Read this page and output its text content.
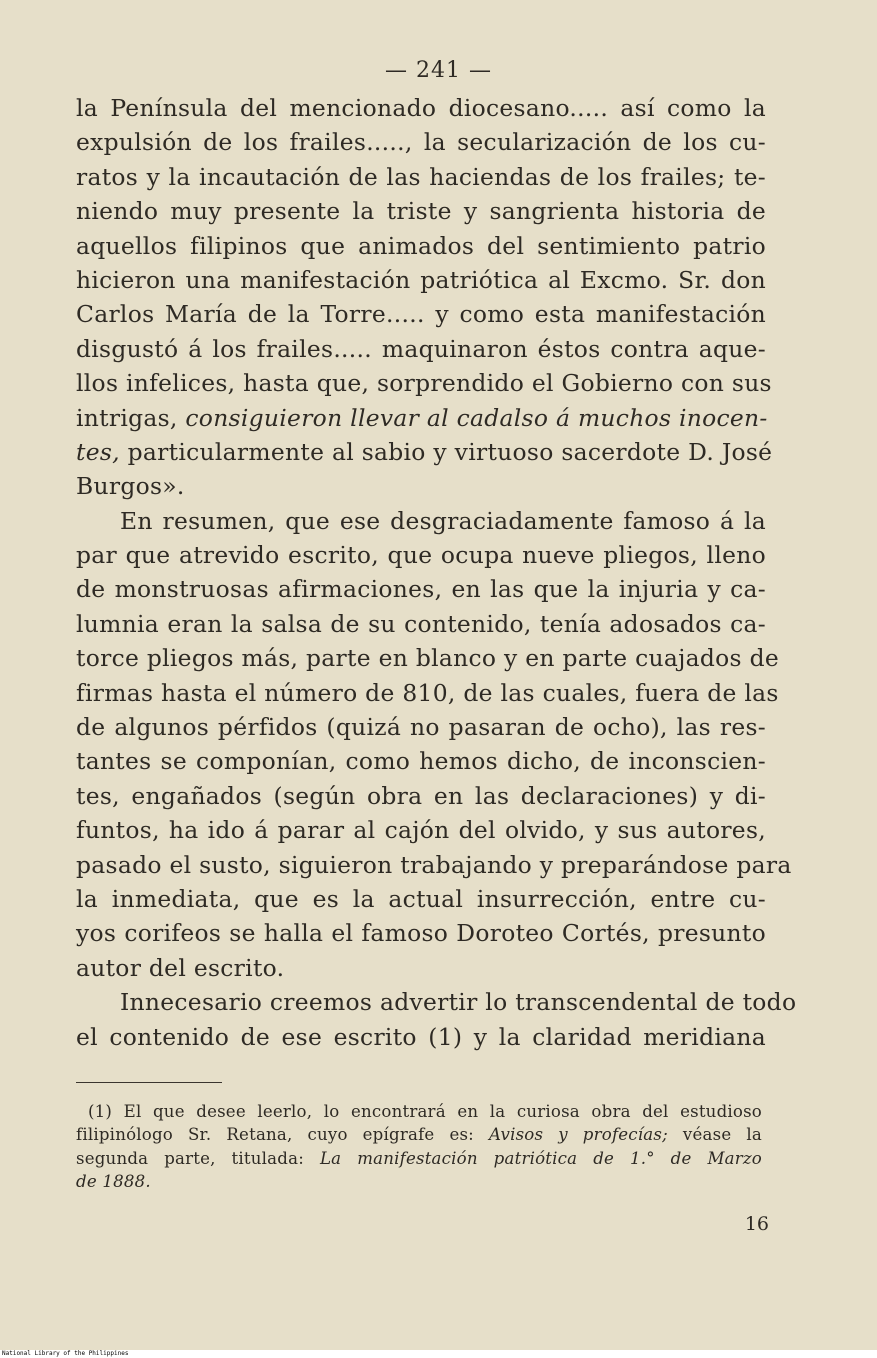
— 241 —
la Península del mencionado diocesano..... así como la
expulsión de los frailes....., la secularización de los cu-
ratos y la incautación de las haciendas de los frailes; te-
niendo muy presente la triste y sangrienta historia de
aquellos filipinos que animados del sentimiento patrio
hicieron una manifestación patriótica al Excmo. Sr. don
Carlos María de la Torre..... y como esta manifestación
disgustó á los frailes..... maquinaron éstos contra aque-
llos infelices, hasta que, sorprendido el Gobierno con sus
intrigas, consiguieron llevar al cadalso á muchos inocen-
tes, particularmente al sabio y virtuoso sacerdote D. José
Burgos».
En resumen, que ese desgraciadamente famoso á la
par que atrevido escrito, que ocupa nueve pliegos, lleno
de monstruosas afirmaciones, en las que la injuria y ca-
lumnia eran la salsa de su contenido, tenía adosados ca-
torce pliegos más, parte en blanco y en parte cuajados de
firmas hasta el número de 810, de las cuales, fuera de las
de algunos pérfidos (quizá no pasaran de ocho), las res-
tantes se componían, como hemos dicho, de inconscien-
tes, engañados (según obra en las declaraciones) y di-
funtos, ha ido á parar al cajón del olvido, y sus autores,
pasado el susto, siguieron trabajando y preparándose para
la inmediata, que es la actual insurrección, entre cu-
yos corifeos se halla el famoso Doroteo Cortés, presunto
autor del escrito.
Innecesario creemos advertir lo transcendental de todo
el contenido de ese escrito (1) y la claridad meridiana
(1) El que desee leerlo, lo encontrará en la curiosa obra del estudioso
filipinólogo Sr. Retana, cuyo epígrafe es: Avisos y profecías; véase la
segunda parte, titulada: La manifestación patriótica de 1.° de Marzo
de 1888.
16
National Library of the Philippines
